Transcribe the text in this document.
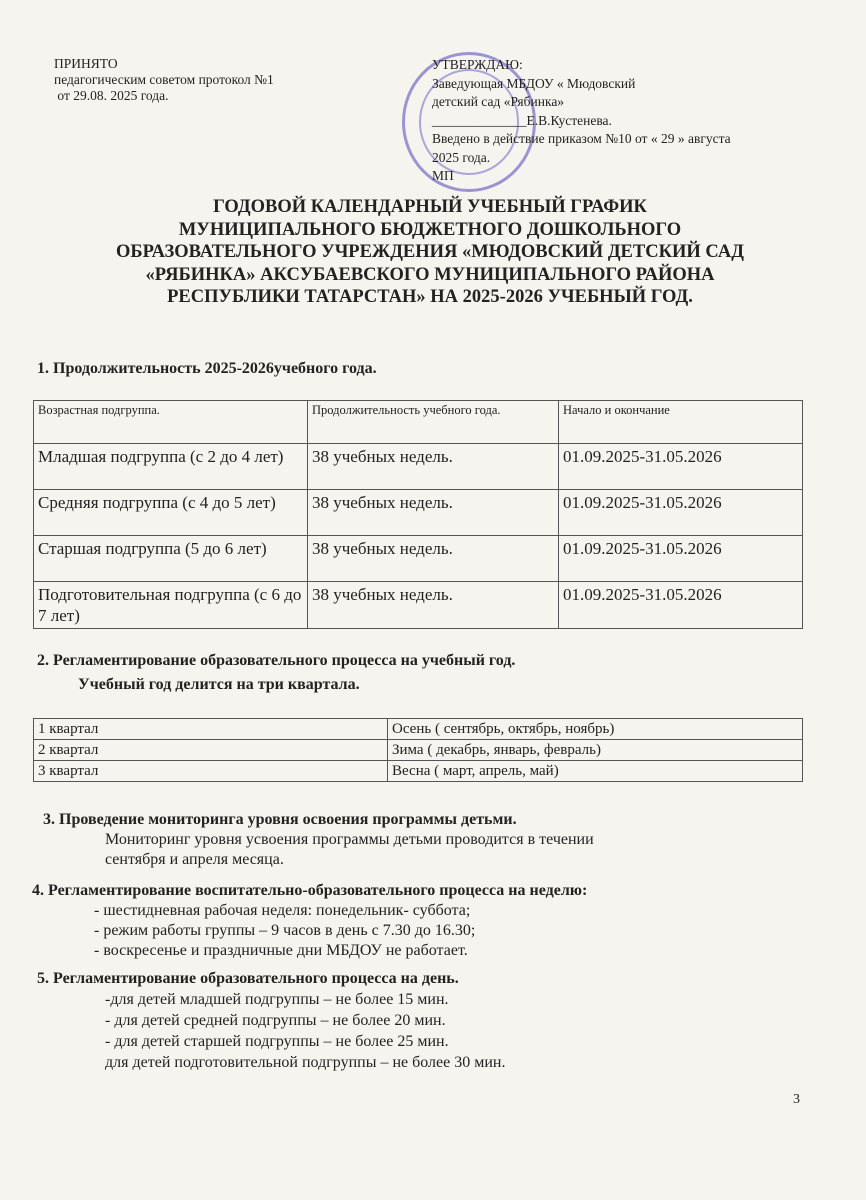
ПРИНЯТО
педагогическим советом протокол №1
от 29.08. 2025 года.
УТВЕРЖДАЮ:
Заведующая МБДОУ « Мюдовский
детский сад «Рябинка»
______________Е.В.Кустенева.
Введено в действие приказом №10 от « 29 » августа
2025 года.
МП
ГОДОВОЙ КАЛЕНДАРНЫЙ УЧЕБНЫЙ ГРАФИК
МУНИЦИПАЛЬНОГО БЮДЖЕТНОГО ДОШКОЛЬНОГО
ОБРАЗОВАТЕЛЬНОГО УЧРЕЖДЕНИЯ «МЮДОВСКИЙ ДЕТСКИЙ САД
«РЯБИНКА» АКСУБАЕВСКОГО МУНИЦИПАЛЬНОГО РАЙОНА
РЕСПУБЛИКИ ТАТАРСТАН» НА 2025-2026 УЧЕБНЫЙ ГОД.
1. Продолжительность 2025-2026учебного года.
Возрастная подгруппа.	Продолжительность учебного года.	Начало и окончание
Младшая подгруппа (с 2 до 4 лет)	38 учебных недель.	01.09.2025-31.05.2026
Средняя подгруппа (с 4 до 5 лет)	38 учебных недель.	01.09.2025-31.05.2026
Старшая подгруппа (5 до 6 лет)	38 учебных недель.	01.09.2025-31.05.2026
Подготовительная подгруппа (с 6 до 7 лет)	38 учебных недель.	01.09.2025-31.05.2026
2. Регламентирование образовательного процесса на учебный год.
Учебный год делится на три квартала.
1 квартал	Осень ( сентябрь, октябрь, ноябрь)
2 квартал	Зима ( декабрь, январь, февраль)
3 квартал	Весна ( март, апрель, май)
3. Проведение мониторинга уровня освоения программы детьми.
Мониторинг уровня усвоения программы детьми проводится в течении
сентября и апреля месяца.
4. Регламентирование воспитательно-образовательного процесса на неделю:
- шестидневная рабочая неделя: понедельник- суббота;
- режим работы группы – 9 часов в день с 7.30 до 16.30;
- воскресенье и праздничные дни МБДОУ не работает.
5. Регламентирование образовательного процесса на день.
-для детей младшей подгруппы – не более 15 мин.
- для детей средней подгруппы – не более 20 мин.
- для детей старшей подгруппы – не более 25 мин.
для детей подготовительной подгруппы – не более 30 мин.
3
